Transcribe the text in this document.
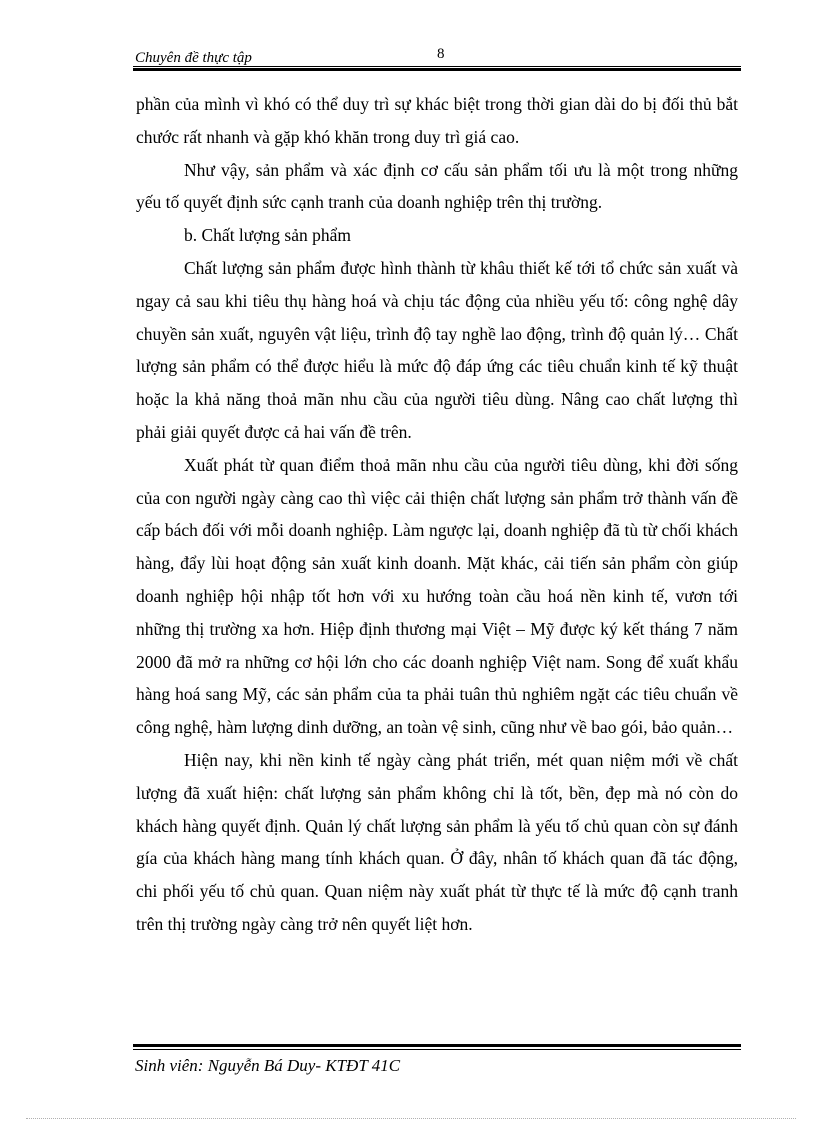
Chuyên đề thực tập	8

phần của mình vì khó có thể duy trì sự khác biệt trong thời gian dài do bị đối thủ bắt chước rất nhanh và gặp khó khăn trong duy trì giá cao.

Như vậy, sản phẩm và xác định cơ cấu sản phẩm tối ưu là một trong những yếu tố quyết định sức cạnh tranh của doanh nghiệp trên thị trường.

b. Chất lượng sản phẩm

Chất lượng sản phẩm được hình thành từ khâu thiết kế tới tổ chức sản xuất và ngay cả sau khi tiêu thụ hàng hoá và chịu tác động của nhiều yếu tố: công nghệ dây chuyền sản xuất, nguyên vật liệu, trình độ tay nghề lao động, trình độ quản lý… Chất lượng sản phẩm có thể được hiểu là mức độ đáp ứng các tiêu chuẩn kinh tế kỹ thuật hoặc la khả năng thoả mãn nhu cầu của người tiêu dùng. Nâng cao chất lượng thì phải giải quyết được cả hai vấn đề trên.

Xuất phát từ quan điểm thoả mãn nhu cầu của người tiêu dùng, khi đời sống của con người ngày càng cao thì việc cải thiện chất lượng sản phẩm trở thành vấn đề cấp bách đối với mỗi doanh nghiệp. Làm ngược lại, doanh nghiệp đã tù từ chối khách hàng, đẩy lùi hoạt động sản xuất kinh doanh. Mặt khác, cải tiến sản phẩm còn giúp doanh nghiệp hội nhập tốt hơn với xu hướng toàn cầu hoá nền kinh tế, vươn tới những thị trường xa hơn. Hiệp định thương mại Việt – Mỹ được ký kết tháng 7 năm 2000 đã mở ra những cơ hội lớn cho các doanh nghiệp Việt nam. Song để xuất khẩu hàng hoá sang Mỹ, các sản phẩm của ta phải tuân thủ nghiêm ngặt các tiêu chuẩn về công nghệ, hàm lượng dinh dưỡng, an toàn vệ sinh, cũng như về bao gói, bảo quản…

Hiện nay, khi nền kinh tế ngày càng phát triển, mét quan niệm mới về chất lượng đã xuất hiện: chất lượng sản phẩm không chỉ là tốt, bền, đẹp mà nó còn do khách hàng quyết định. Quản lý chất lượng sản phẩm là yếu tố chủ quan còn sự đánh gía của khách hàng mang tính khách quan. Ở đây, nhân tố khách quan đã tác động, chi phối yếu tố chủ quan. Quan niệm này xuất phát từ thực tế là mức độ cạnh tranh trên thị trường ngày càng trở nên quyết liệt hơn.

Sinh viên: Nguyễn Bá Duy- KTĐT 41C
